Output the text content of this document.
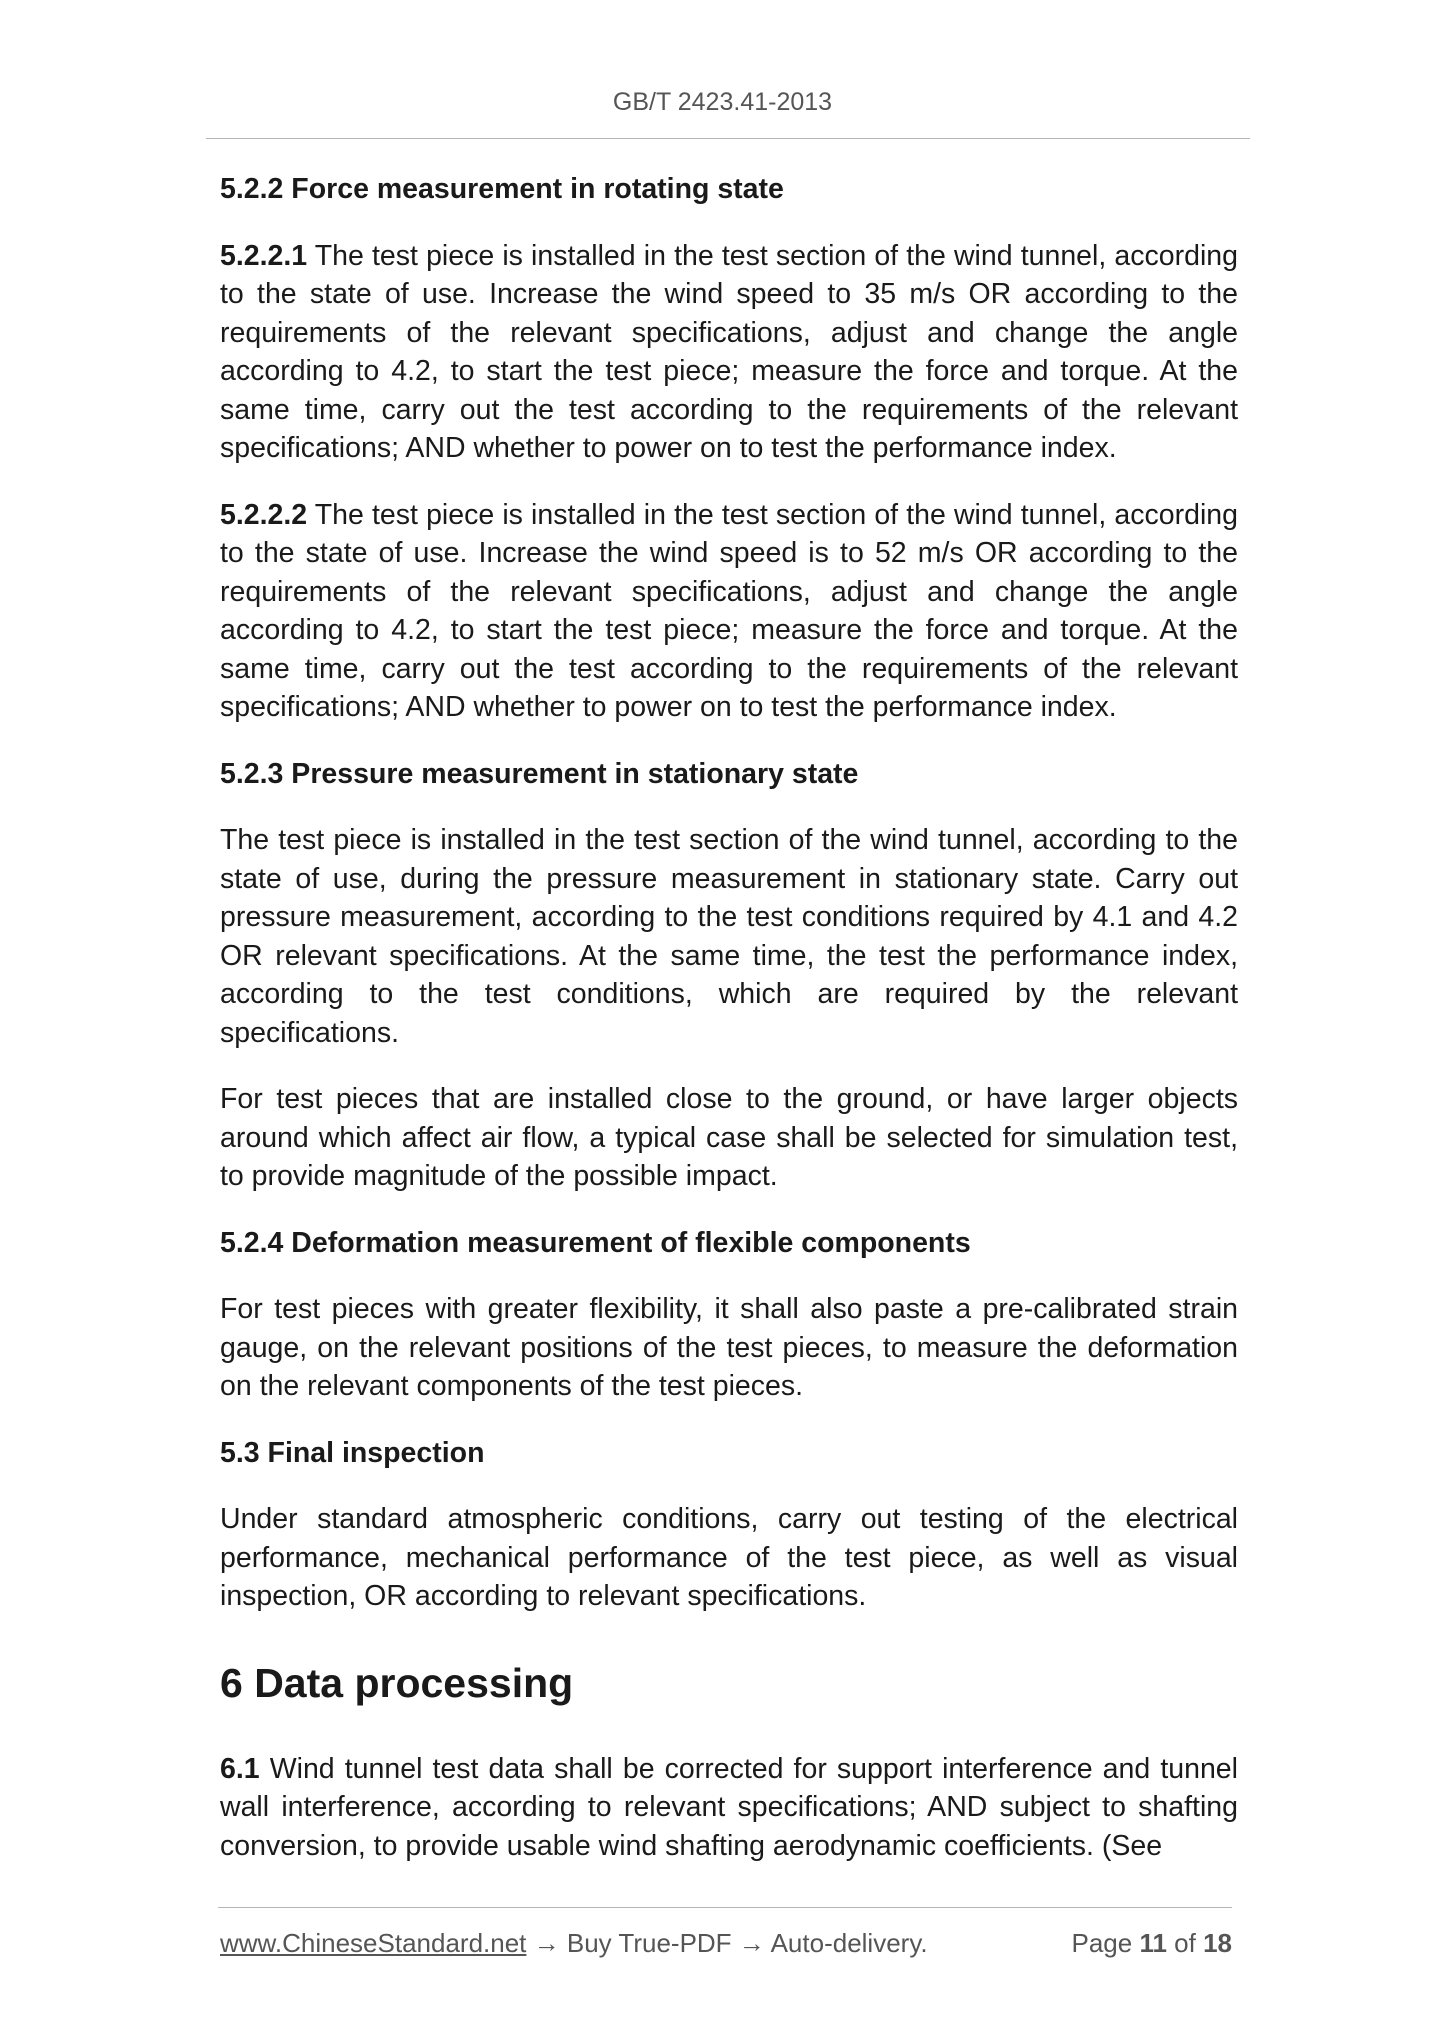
GB/T 2423.41-2013
5.2.2 Force measurement in rotating state
5.2.2.1 The test piece is installed in the test section of the wind tunnel, according to the state of use. Increase the wind speed to 35 m/s OR according to the requirements of the relevant specifications, adjust and change the angle according to 4.2, to start the test piece; measure the force and torque. At the same time, carry out the test according to the requirements of the relevant specifications; AND whether to power on to test the performance index.
5.2.2.2 The test piece is installed in the test section of the wind tunnel, according to the state of use. Increase the wind speed is to 52 m/s OR according to the requirements of the relevant specifications, adjust and change the angle according to 4.2, to start the test piece; measure the force and torque. At the same time, carry out the test according to the requirements of the relevant specifications; AND whether to power on to test the performance index.
5.2.3 Pressure measurement in stationary state
The test piece is installed in the test section of the wind tunnel, according to the state of use, during the pressure measurement in stationary state. Carry out pressure measurement, according to the test conditions required by 4.1 and 4.2 OR relevant specifications. At the same time, the test the performance index, according to the test conditions, which are required by the relevant specifications.
For test pieces that are installed close to the ground, or have larger objects around which affect air flow, a typical case shall be selected for simulation test, to provide magnitude of the possible impact.
5.2.4 Deformation measurement of flexible components
For test pieces with greater flexibility, it shall also paste a pre-calibrated strain gauge, on the relevant positions of the test pieces, to measure the deformation on the relevant components of the test pieces.
5.3 Final inspection
Under standard atmospheric conditions, carry out testing of the electrical performance, mechanical performance of the test piece, as well as visual inspection, OR according to relevant specifications.
6 Data processing
6.1 Wind tunnel test data shall be corrected for support interference and tunnel wall interference, according to relevant specifications; AND subject to shafting conversion, to provide usable wind shafting aerodynamic coefficients. (See
www.ChineseStandard.net → Buy True-PDF → Auto-delivery.	Page 11 of 18
